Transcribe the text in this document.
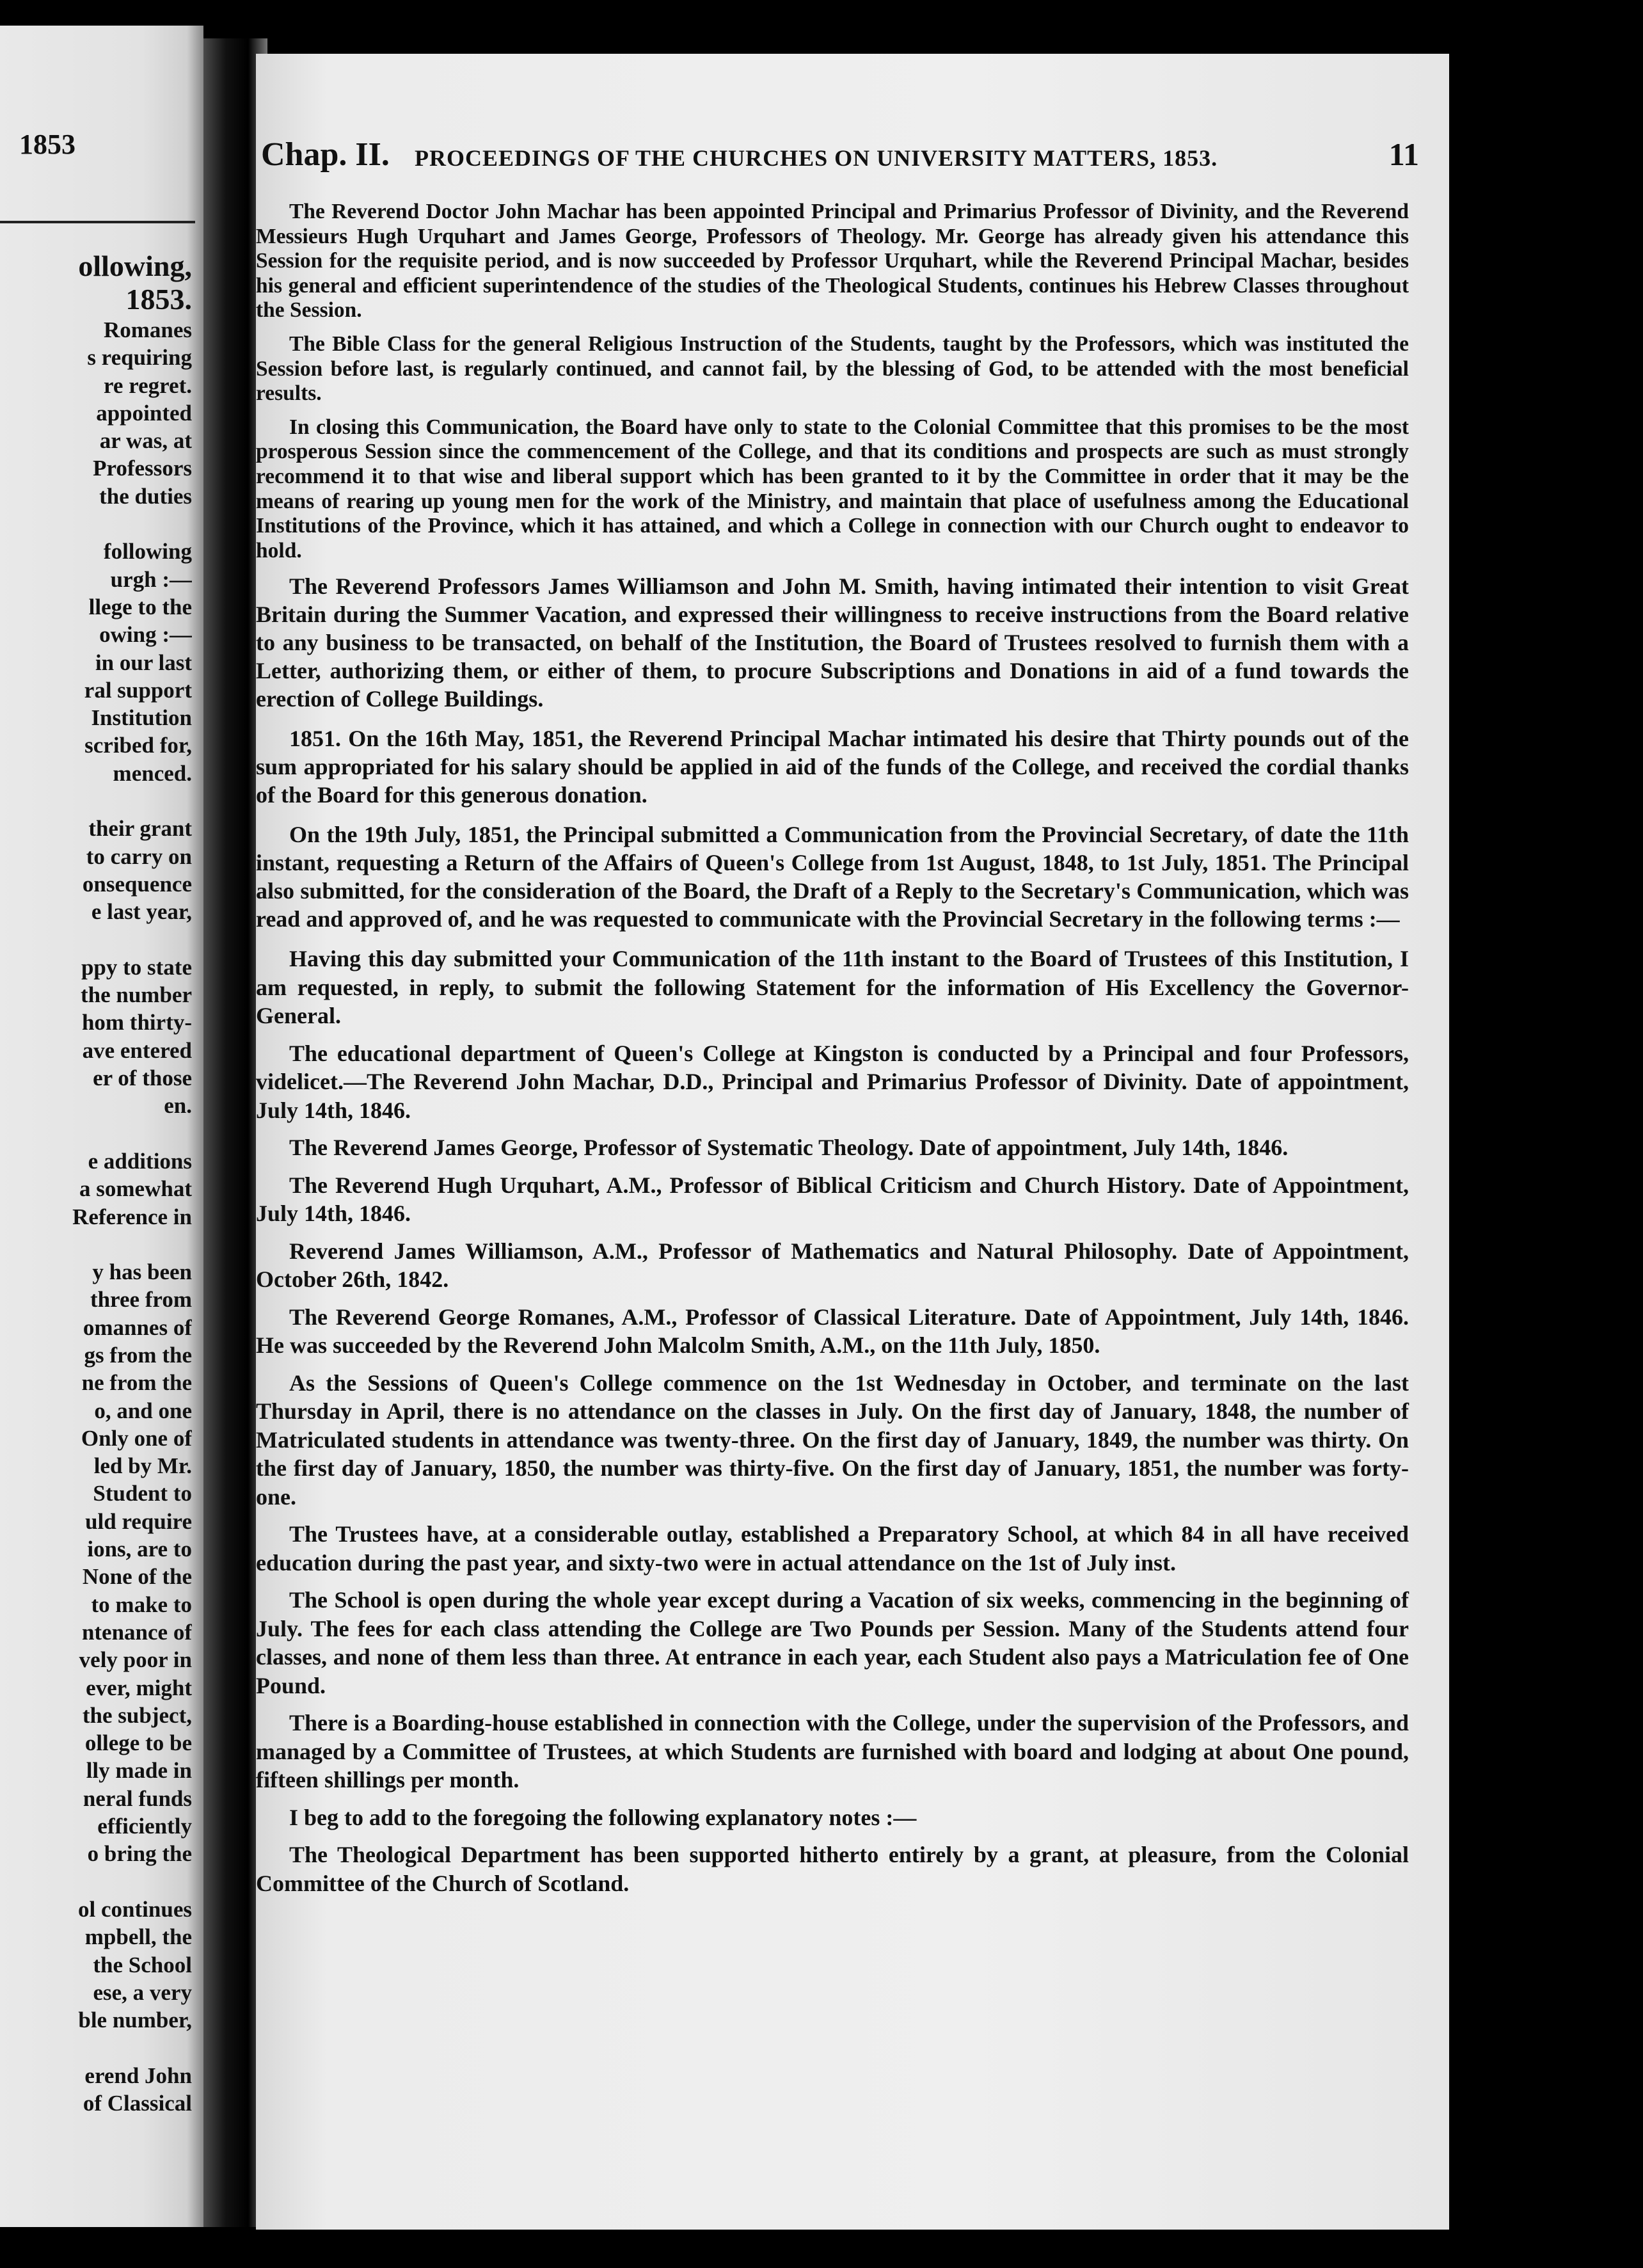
1853
ollowing,
1853.
Romanes
s requiring
re regret.
appointed
ar was, at
Professors
the duties
following
urgh :—
llege to the
owing :—
in our last
ral support
Institution
scribed for,
menced.
their grant
to carry on
onsequence
e last year,
ppy to state
the number
hom thirty-
ave entered
er of those
en.
e additions
a somewhat
Reference in
y has been
three from
omannes of
gs from the
ne from the
o, and one
Only one of
led by Mr.
Student to
uld require
ions, are to
None of the
to make to
ntenance of
vely poor in
ever, might
the subject,
ollege to be
lly made in
neral funds
efficiently
o bring the
ol continues
mpbell, the
the School
ese, a very
ble number,
erend John
of Classical
Chap. II. PROCEEDINGS OF THE CHURCHES ON UNIVERSITY MATTERS, 1853.	11

The Reverend Doctor John Machar has been appointed Principal and Primarius Professor of Divinity, and the Reverend Messieurs Hugh Urquhart and James George, Professors of Theology. Mr. George has already given his attendance this Session for the requisite period, and is now succeeded by Professor Urquhart, while the Reverend Principal Machar, besides his general and efficient superintendence of the studies of the Theological Students, continues his Hebrew Classes throughout the Session.

The Bible Class for the general Religious Instruction of the Students, taught by the Professors, which was instituted the Session before last, is regularly continued, and cannot fail, by the blessing of God, to be attended with the most beneficial results.

In closing this Communication, the Board have only to state to the Colonial Committee that this promises to be the most prosperous Session since the commencement of the College, and that its conditions and prospects are such as must strongly recommend it to that wise and liberal support which has been granted to it by the Committee in order that it may be the means of rearing up young men for the work of the Ministry, and maintain that place of usefulness among the Educational Institutions of the Province, which it has attained, and which a College in connection with our Church ought to endeavor to hold.

The Reverend Professors James Williamson and John M. Smith, having intimated their intention to visit Great Britain during the Summer Vacation, and expressed their willingness to receive instructions from the Board relative to any business to be transacted, on behalf of the Institution, the Board of Trustees resolved to furnish them with a Letter, authorizing them, or either of them, to procure Subscriptions and Donations in aid of a fund towards the erection of College Buildings.

1851. On the 16th May, 1851, the Reverend Principal Machar intimated his desire that Thirty pounds out of the sum appropriated for his salary should be applied in aid of the funds of the College, and received the cordial thanks of the Board for this generous donation.

On the 19th July, 1851, the Principal submitted a Communication from the Provincial Secretary, of date the 11th instant, requesting a Return of the Affairs of Queen's College from 1st August, 1848, to 1st July, 1851. The Principal also submitted, for the consideration of the Board, the Draft of a Reply to the Secretary's Communication, which was read and approved of, and he was requested to communicate with the Provincial Secretary in the following terms :—

Having this day submitted your Communication of the 11th instant to the Board of Trustees of this Institution, I am requested, in reply, to submit the following Statement for the information of His Excellency the Governor-General.

The educational department of Queen's College at Kingston is conducted by a Principal and four Professors, videlicet.—The Reverend John Machar, D.D., Principal and Primarius Professor of Divinity. Date of appointment, July 14th, 1846.

The Reverend James George, Professor of Systematic Theology. Date of appointment, July 14th, 1846.

The Reverend Hugh Urquhart, A.M., Professor of Biblical Criticism and Church History. Date of Appointment, July 14th, 1846.

Reverend James Williamson, A.M., Professor of Mathematics and Natural Philosophy. Date of Appointment, October 26th, 1842.

The Reverend George Romanes, A.M., Professor of Classical Literature. Date of Appointment, July 14th, 1846. He was succeeded by the Reverend John Malcolm Smith, A.M., on the 11th July, 1850.

As the Sessions of Queen's College commence on the 1st Wednesday in October, and terminate on the last Thursday in April, there is no attendance on the classes in July. On the first day of January, 1848, the number of Matriculated students in attendance was twenty-three. On the first day of January, 1849, the number was thirty. On the first day of January, 1850, the number was thirty-five. On the first day of January, 1851, the number was forty-one.

The Trustees have, at a considerable outlay, established a Preparatory School, at which 84 in all have received education during the past year, and sixty-two were in actual attendance on the 1st of July inst.

The School is open during the whole year except during a Vacation of six weeks, commencing in the beginning of July. The fees for each class attending the College are Two Pounds per Session. Many of the Students attend four classes, and none of them less than three. At entrance in each year, each Student also pays a Matriculation fee of One Pound.

There is a Boarding-house established in connection with the College, under the supervision of the Professors, and managed by a Committee of Trustees, at which Students are furnished with board and lodging at about One pound, fifteen shillings per month.

I beg to add to the foregoing the following explanatory notes :—

The Theological Department has been supported hitherto entirely by a grant, at pleasure, from the Colonial Committee of the Church of Scotland.
